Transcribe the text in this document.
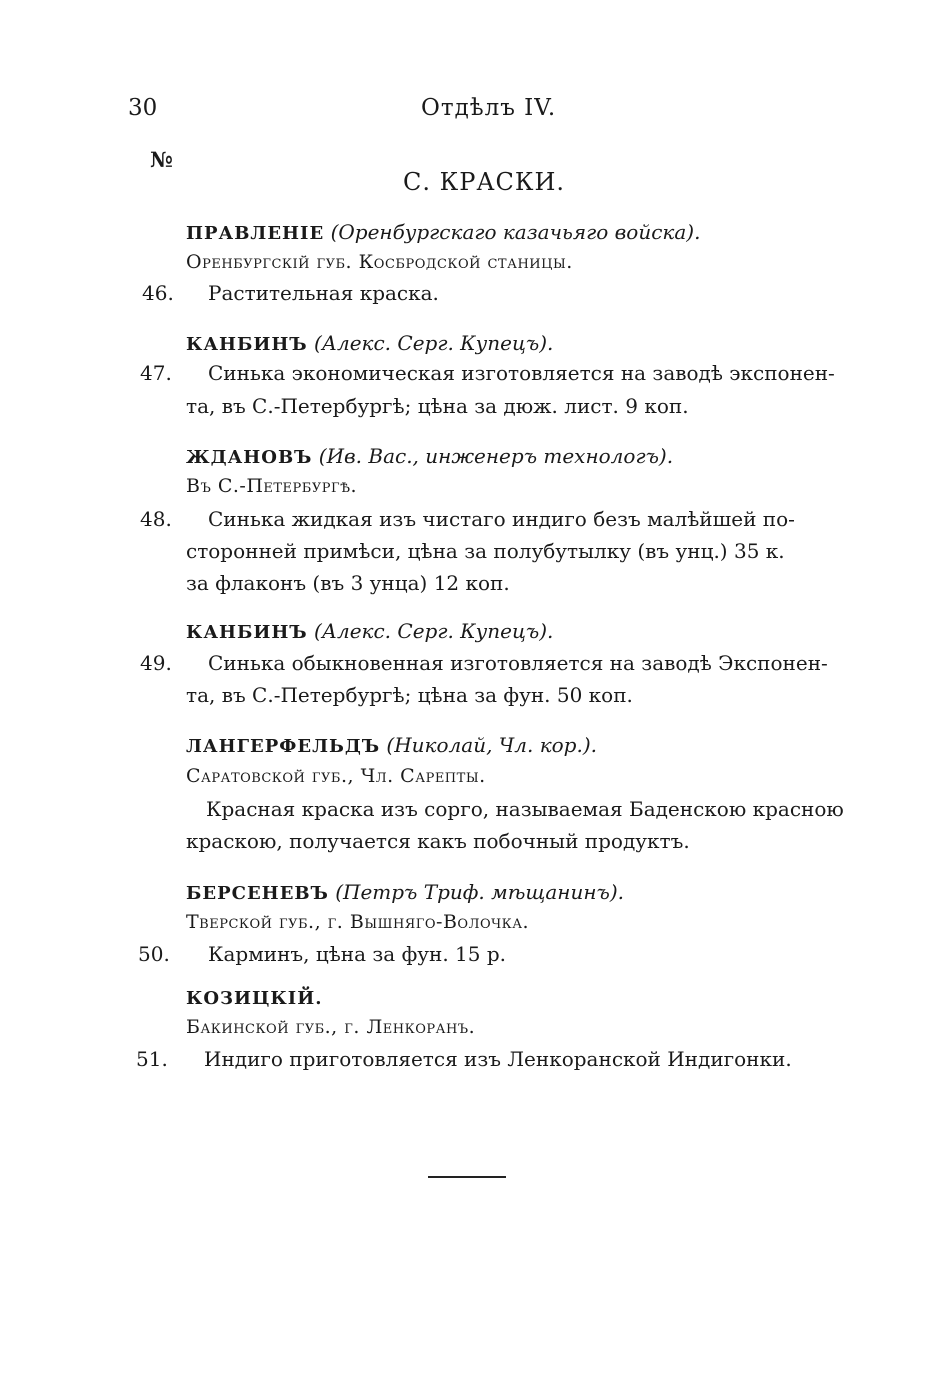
30	Отдѣлъ IV.
№
С. КРАСКИ.
ПРАВЛЕНІЕ (Оренбургскаго казачьяго войска).
Оренбургскій губ. Косбродской станицы.
46. Растительная краска.
КАНБИНЪ (Алекс. Серг. Купецъ).
47. Синька экономическая изготовляется на заводѣ экспонен-
та, въ С.-Петербургѣ; цѣна за дюж. лист. 9 коп.
ЖДАНОВЪ (Ив. Вас., инженеръ технологъ).
Въ С.-Петербургѣ.
48. Синька жидкая изъ чистаго индиго безъ малѣйшей по-
сторонней примѣси, цѣна за полубутылку (въ унц.) 35 к.
за флаконъ (въ 3 унца) 12 коп.
КАНБИНЪ (Алекс. Серг. Купецъ).
49. Синька обыкновенная изготовляется на заводѣ Экспонен-
та, въ С.-Петербургѣ; цѣна за фун. 50 коп.
ЛАНГЕРФЕЛЬДЪ (Николай, Чл. кор.).
Саратовской губ., Чл. Сарепты.
Красная краска изъ сорго, называемая Баденскою красною
краскою, получается какъ побочный продуктъ.
БЕРСЕНЕВЪ (Петръ Триф. мѣщанинъ).
Тверской губ., г. Вышняго-Волочка.
50. Карминъ, цѣна за фун. 15 р.
КОЗИЦКІЙ.
Бакинской губ., г. Ленкоранъ.
51. Индиго приготовляется изъ Ленкоранской Индигонки.
